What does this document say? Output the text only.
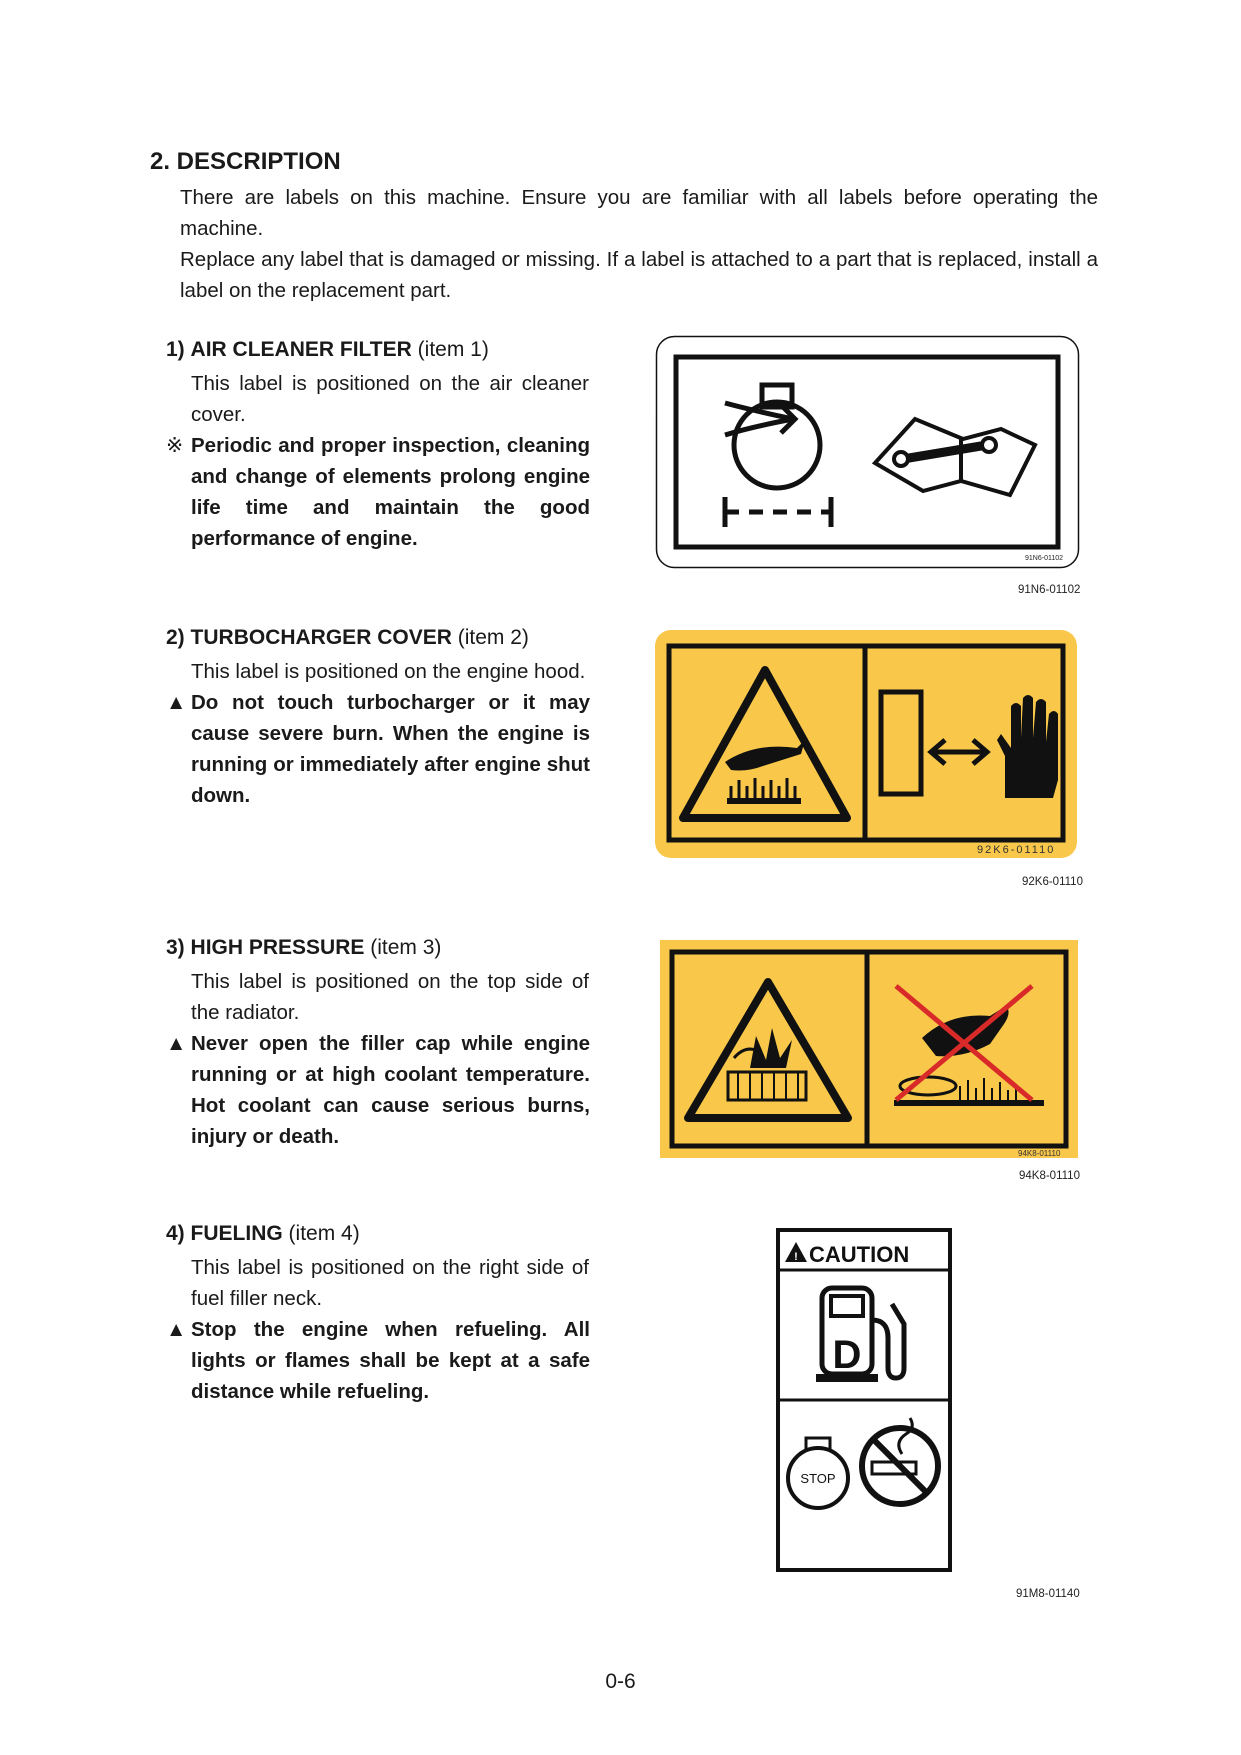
2. DESCRIPTION
There are labels on this machine. Ensure you are familiar with all labels before operating the machine.
Replace any label that is damaged or missing. If a label is attached to a part that is replaced, install a label on the replacement part.
1) AIR CLEANER FILTER (item 1)
This label is positioned on the air cleaner cover.
※ Periodic and proper inspection, cleaning and change of elements prolong engine life time and maintain the good performance of engine.
91N6-01102
91N6-01102
2) TURBOCHARGER COVER (item 2)
This label is positioned on the engine hood.
▲ Do not touch turbocharger or it may cause severe burn. When the engine is running or immediately after engine shut down.
92K6-01110
92K6-01110
3) HIGH PRESSURE (item 3)
This label is positioned on the top side of the radiator.
▲ Never open the filler cap while engine running or at high coolant temperature. Hot coolant can cause serious burns, injury or death.
94K8-01110
94K8-01110
4) FUELING (item 4)
This label is positioned on the right side of fuel filler neck.
▲ Stop the engine when refueling. All lights or flames shall be kept at a safe distance while refueling.
! CAUTION
D
STOP
91M8-01140
0-6
